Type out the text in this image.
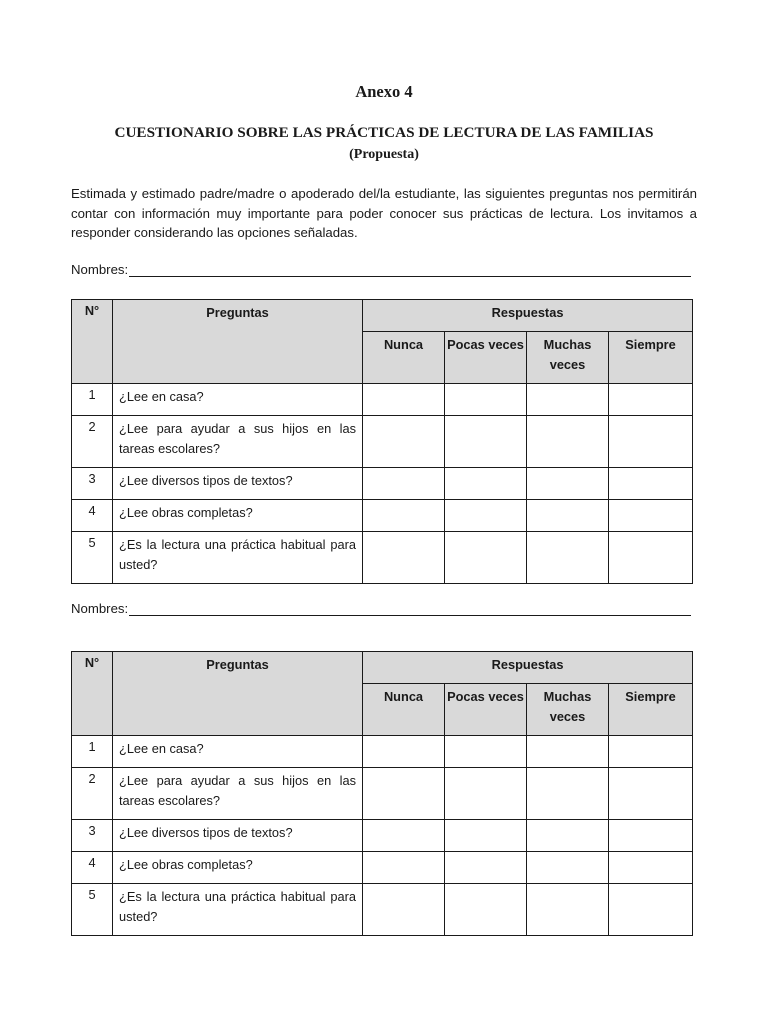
Anexo 4
CUESTIONARIO SOBRE LAS PRÁCTICAS DE LECTURA DE LAS FAMILIAS
(Propuesta)
Estimada y estimado padre/madre o apoderado del/la estudiante, las siguientes preguntas nos permitirán contar con información muy importante para poder conocer sus prácticas de lectura. Los invitamos a responder considerando las opciones señaladas.
Nombres:
N°	Preguntas	Respuestas			
		Nunca	Pocas veces	Muchas veces	Siempre
1	¿Lee en casa?				
2	¿Lee para ayudar a sus hijos en las tareas escolares?				
3	¿Lee diversos tipos de textos?				
4	¿Lee obras completas?				
5	¿Es la lectura una práctica habitual para usted?				
Nombres:
N°	Preguntas	Respuestas			
		Nunca	Pocas veces	Muchas veces	Siempre
1	¿Lee en casa?				
2	¿Lee para ayudar a sus hijos en las tareas escolares?				
3	¿Lee diversos tipos de textos?				
4	¿Lee obras completas?				
5	¿Es la lectura una práctica habitual para usted?				
